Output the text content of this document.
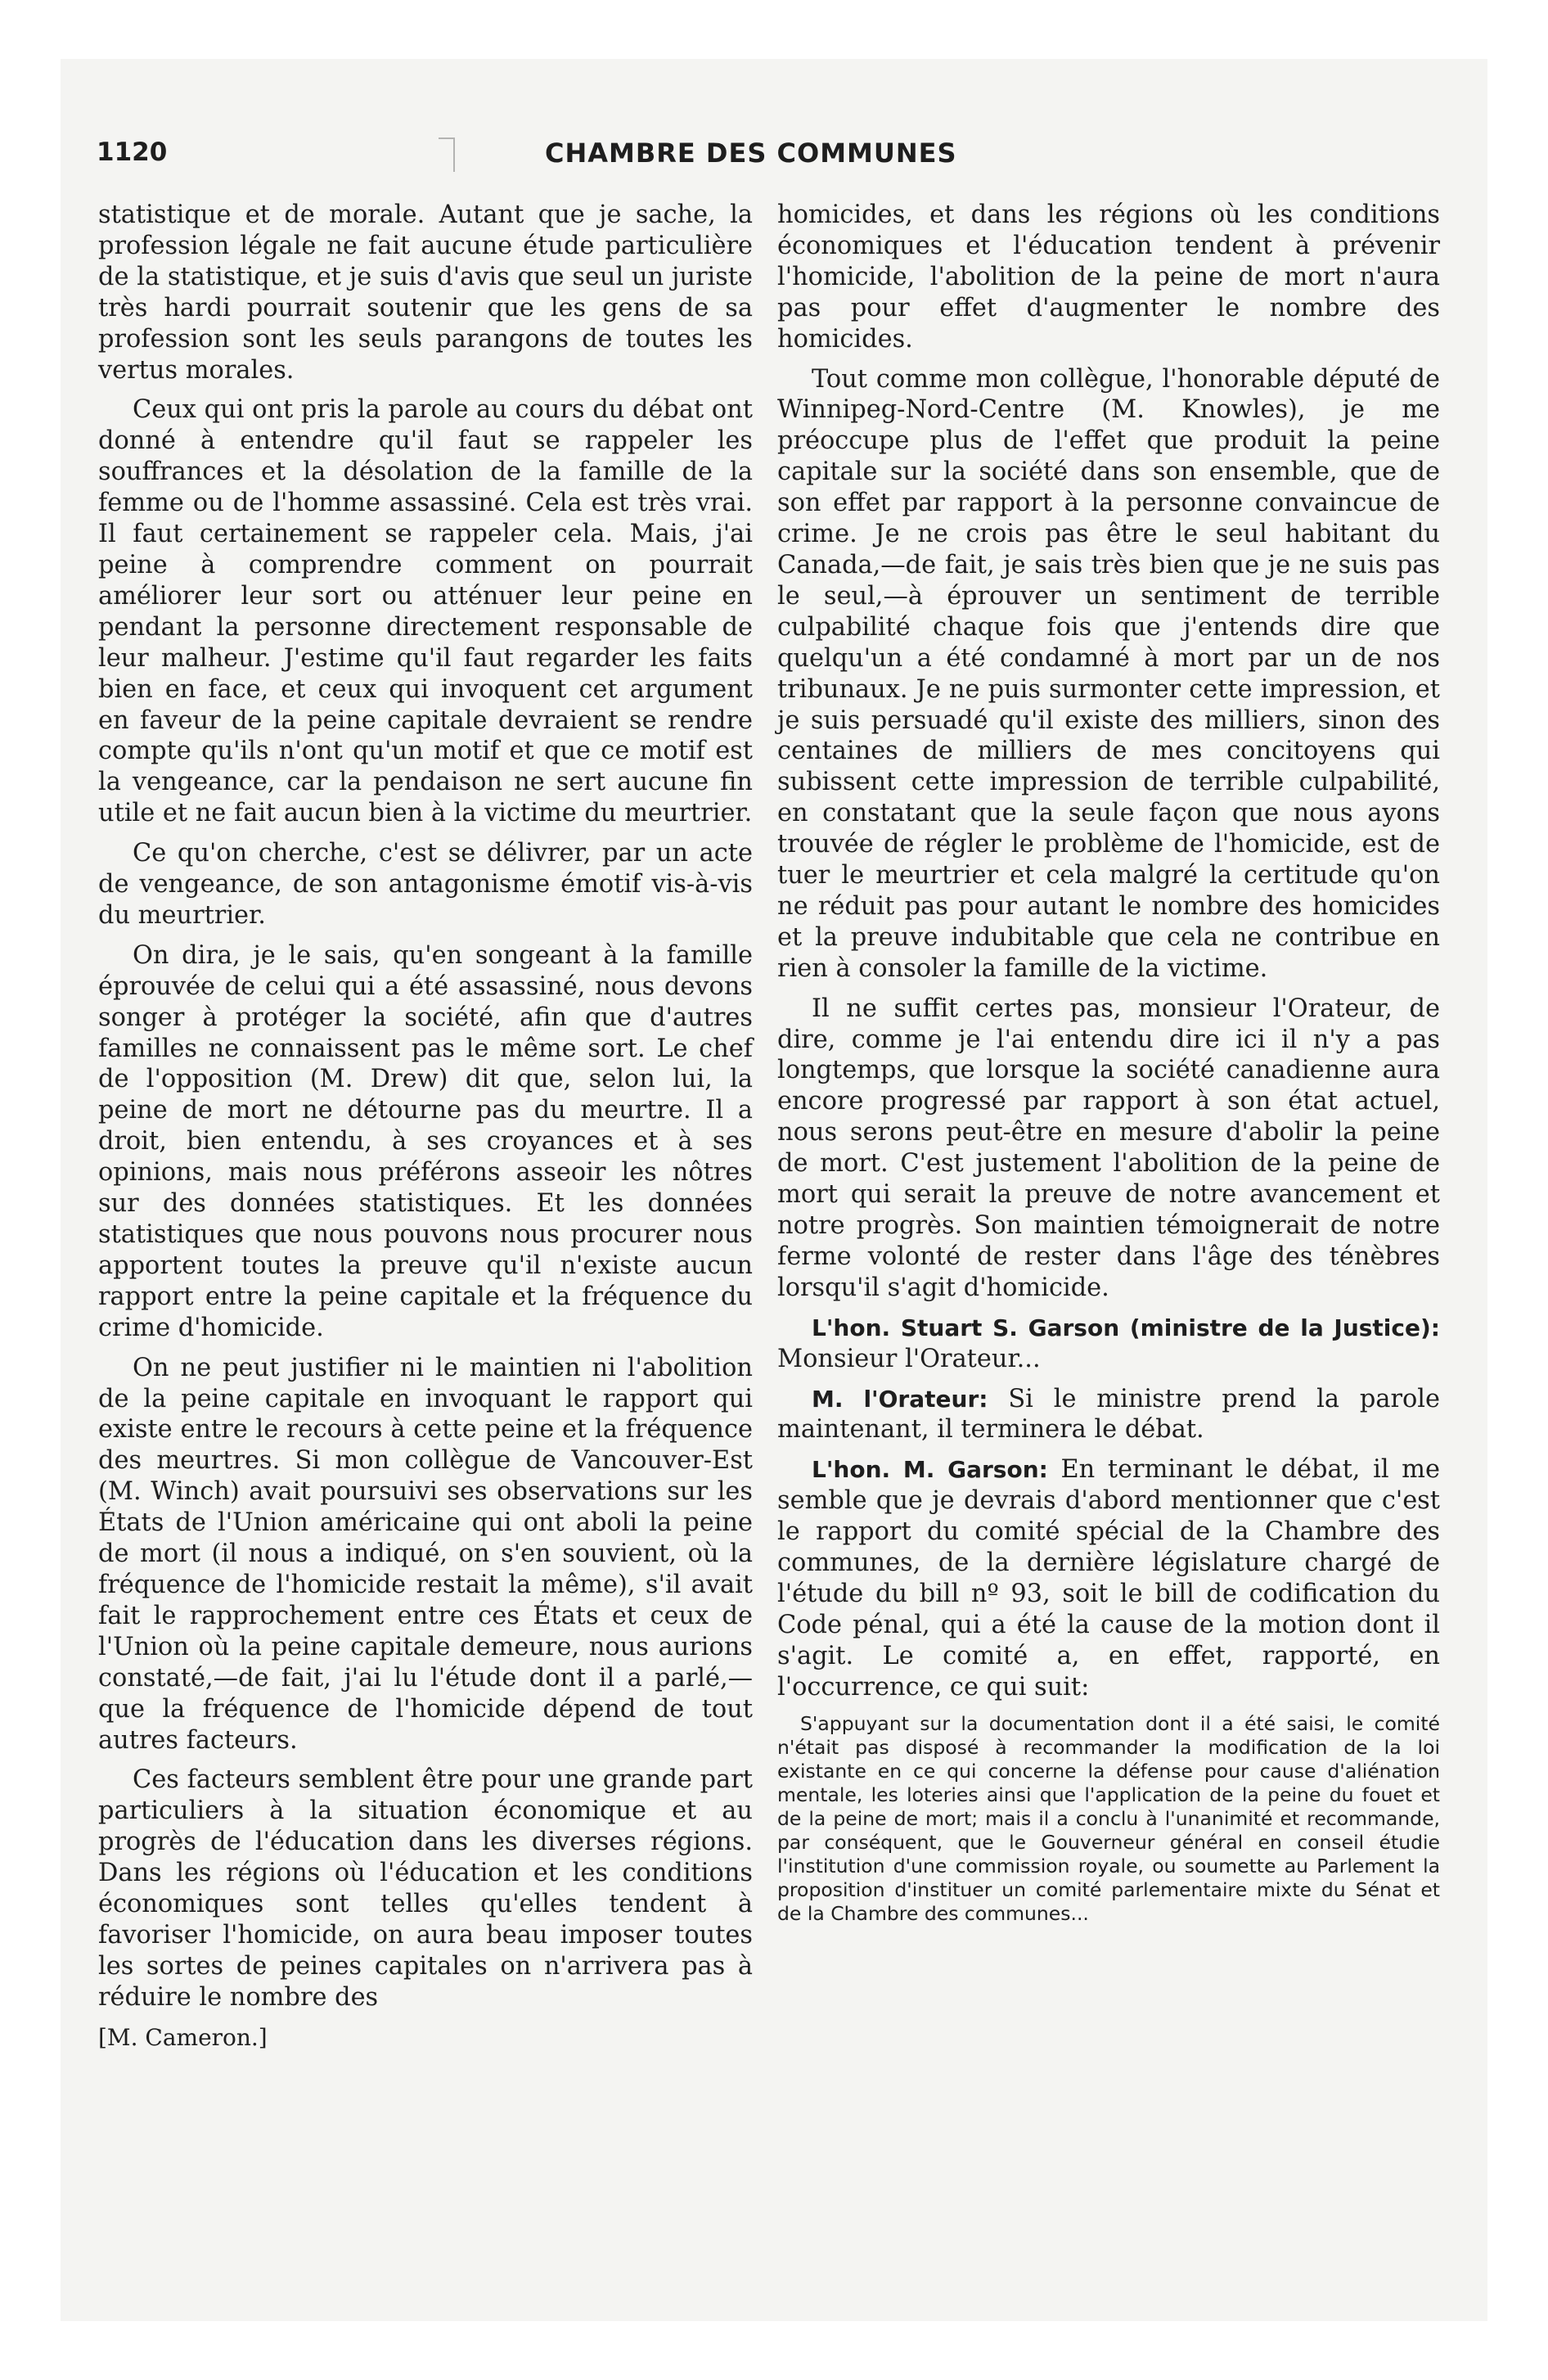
1120	CHAMBRE DES COMMUNES

statistique et de morale. Autant que je sache, la profession légale ne fait aucune étude particulière de la statistique, et je suis d'avis que seul un juriste très hardi pourrait soutenir que les gens de sa profession sont les seuls parangons de toutes les vertus morales.

Ceux qui ont pris la parole au cours du débat ont donné à entendre qu'il faut se rappeler les souffrances et la désolation de la famille de la femme ou de l'homme assassiné. Cela est très vrai. Il faut certainement se rappeler cela. Mais, j'ai peine à comprendre comment on pourrait améliorer leur sort ou atténuer leur peine en pendant la personne directement responsable de leur malheur. J'estime qu'il faut regarder les faits bien en face, et ceux qui invoquent cet argument en faveur de la peine capitale devraient se rendre compte qu'ils n'ont qu'un motif et que ce motif est la vengeance, car la pendaison ne sert aucune fin utile et ne fait aucun bien à la victime du meurtrier.

Ce qu'on cherche, c'est se délivrer, par un acte de vengeance, de son antagonisme émotif vis-à-vis du meurtrier.

On dira, je le sais, qu'en songeant à la famille éprouvée de celui qui a été assassiné, nous devons songer à protéger la société, afin que d'autres familles ne connaissent pas le même sort. Le chef de l'opposition (M. Drew) dit que, selon lui, la peine de mort ne détourne pas du meurtre. Il a droit, bien entendu, à ses croyances et à ses opinions, mais nous préférons asseoir les nôtres sur des données statistiques. Et les données statistiques que nous pouvons nous procurer nous apportent toutes la preuve qu'il n'existe aucun rapport entre la peine capitale et la fréquence du crime d'homicide.

On ne peut justifier ni le maintien ni l'abolition de la peine capitale en invoquant le rapport qui existe entre le recours à cette peine et la fréquence des meurtres. Si mon collègue de Vancouver-Est (M. Winch) avait poursuivi ses observations sur les États de l'Union américaine qui ont aboli la peine de mort (il nous a indiqué, on s'en souvient, où la fréquence de l'homicide restait la même), s'il avait fait le rapprochement entre ces États et ceux de l'Union où la peine capitale demeure, nous aurions constaté,—de fait, j'ai lu l'étude dont il a parlé,—que la fréquence de l'homicide dépend de tout autres facteurs.

Ces facteurs semblent être pour une grande part particuliers à la situation économique et au progrès de l'éducation dans les diverses régions. Dans les régions où l'éducation et les conditions économiques sont telles qu'elles tendent à favoriser l'homicide, on aura beau imposer toutes les sortes de peines capitales on n'arrivera pas à réduire le nombre des

[M. Cameron.]

homicides, et dans les régions où les conditions économiques et l'éducation tendent à prévenir l'homicide, l'abolition de la peine de mort n'aura pas pour effet d'augmenter le nombre des homicides.

Tout comme mon collègue, l'honorable député de Winnipeg-Nord-Centre (M. Knowles), je me préoccupe plus de l'effet que produit la peine capitale sur la société dans son ensemble, que de son effet par rapport à la personne convaincue de crime. Je ne crois pas être le seul habitant du Canada,—de fait, je sais très bien que je ne suis pas le seul,—à éprouver un sentiment de terrible culpabilité chaque fois que j'entends dire que quelqu'un a été condamné à mort par un de nos tribunaux. Je ne puis surmonter cette impression, et je suis persuadé qu'il existe des milliers, sinon des centaines de milliers de mes concitoyens qui subissent cette impression de terrible culpabilité, en constatant que la seule façon que nous ayons trouvée de régler le problème de l'homicide, est de tuer le meurtrier et cela malgré la certitude qu'on ne réduit pas pour autant le nombre des homicides et la preuve indubitable que cela ne contribue en rien à consoler la famille de la victime.

Il ne suffit certes pas, monsieur l'Orateur, de dire, comme je l'ai entendu dire ici il n'y a pas longtemps, que lorsque la société canadienne aura encore progressé par rapport à son état actuel, nous serons peut-être en mesure d'abolir la peine de mort. C'est justement l'abolition de la peine de mort qui serait la preuve de notre avancement et notre progrès. Son maintien témoignerait de notre ferme volonté de rester dans l'âge des ténèbres lorsqu'il s'agit d'homicide.

L'hon. Stuart S. Garson (ministre de la Justice): Monsieur l'Orateur...

M. l'Orateur: Si le ministre prend la parole maintenant, il terminera le débat.

L'hon. M. Garson: En terminant le débat, il me semble que je devrais d'abord mentionner que c'est le rapport du comité spécial de la Chambre des communes, de la dernière législature chargé de l'étude du bill nº 93, soit le bill de codification du Code pénal, qui a été la cause de la motion dont il s'agit. Le comité a, en effet, rapporté, en l'occurrence, ce qui suit:

S'appuyant sur la documentation dont il a été saisi, le comité n'était pas disposé à recommander la modification de la loi existante en ce qui concerne la défense pour cause d'aliénation mentale, les loteries ainsi que l'application de la peine du fouet et de la peine de mort; mais il a conclu à l'unanimité et recommande, par conséquent, que le Gouverneur général en conseil étudie l'institution d'une commission royale, ou soumette au Parlement la proposition d'instituer un comité parlementaire mixte du Sénat et de la Chambre des communes...
